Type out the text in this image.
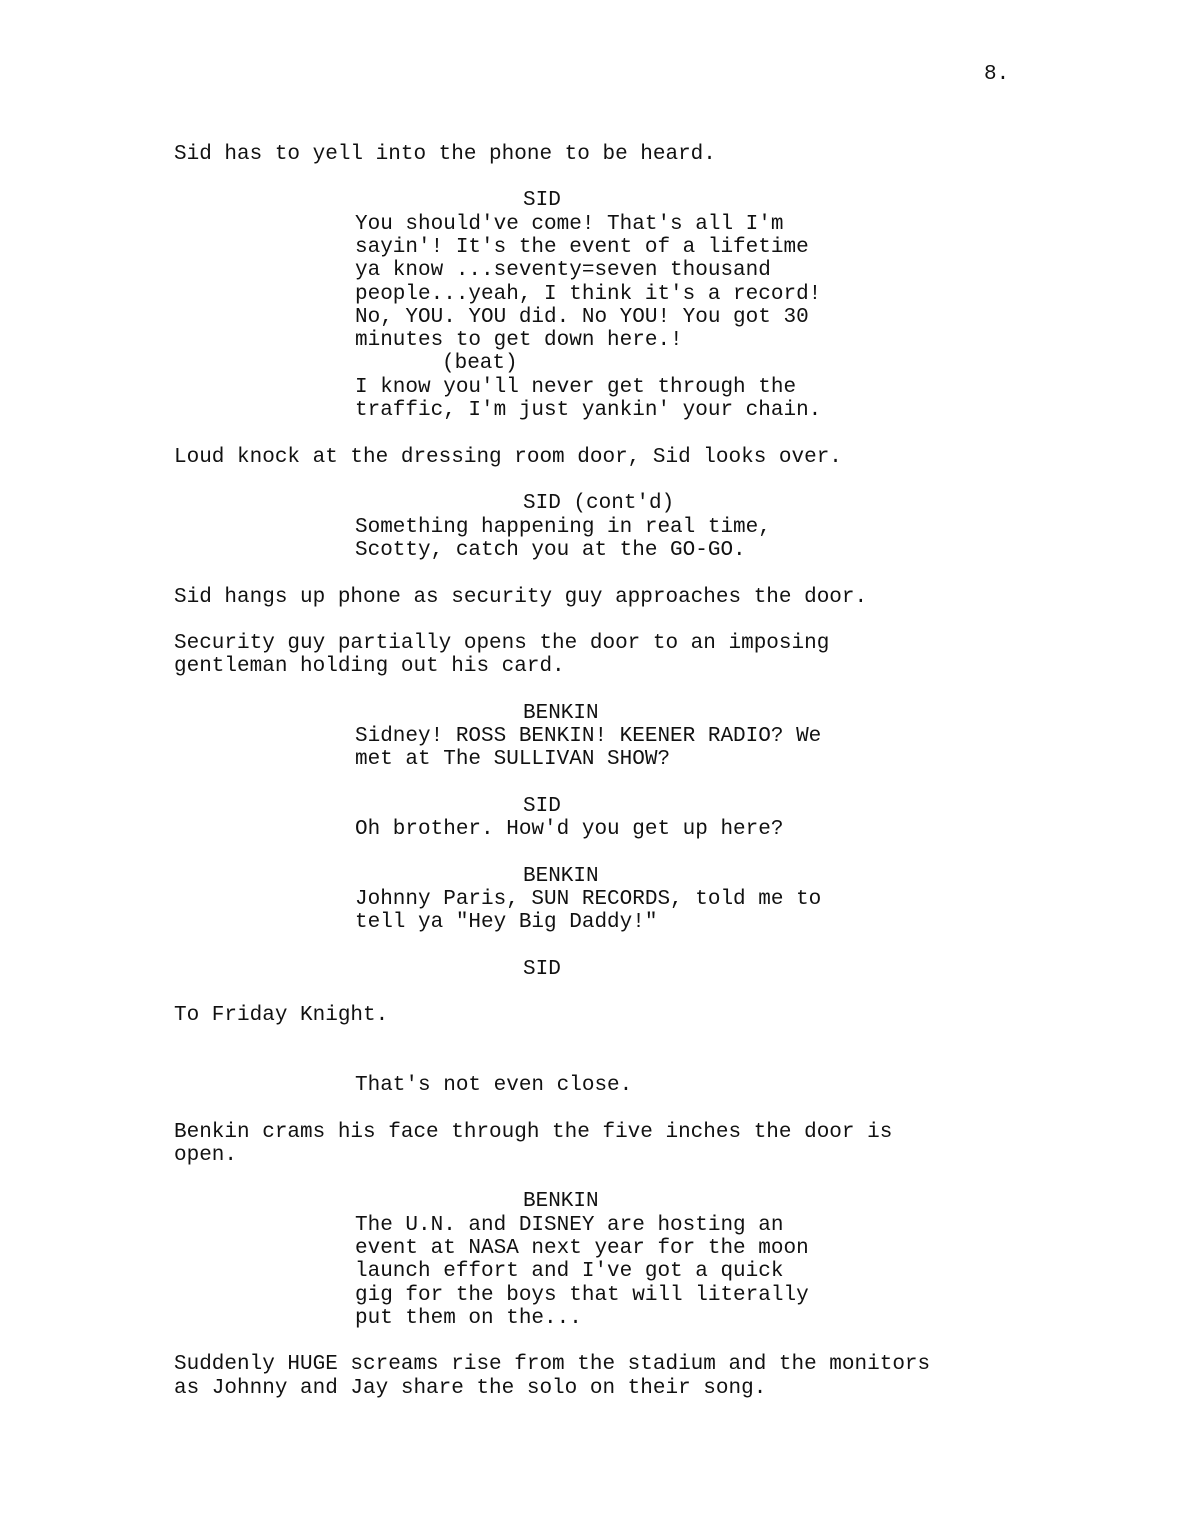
8.
Sid has to yell into the phone to be heard.
SID
You should've come! That's all I'm
sayin'! It's the event of a lifetime
ya know ...seventy=seven thousand
people...yeah, I think it's a record!
No, YOU. YOU did. No YOU! You got 30
minutes to get down here.!
(beat)
I know you'll never get through the
traffic, I'm just yankin' your chain.
Loud knock at the dressing room door, Sid looks over.
SID (cont'd)
Something happening in real time,
Scotty, catch you at the GO-GO.
Sid hangs up phone as security guy approaches the door.
Security guy partially opens the door to an imposing
gentleman holding out his card.
BENKIN
Sidney! ROSS BENKIN! KEENER RADIO? We
met at The SULLIVAN SHOW?
SID
Oh brother. How'd you get up here?
BENKIN
Johnny Paris, SUN RECORDS, told me to
tell ya "Hey Big Daddy!"
SID
To Friday Knight.
That's not even close.
Benkin crams his face through the five inches the door is
open.
BENKIN
The U.N. and DISNEY are hosting an
event at NASA next year for the moon
launch effort and I've got a quick
gig for the boys that will literally
put them on the...
Suddenly HUGE screams rise from the stadium and the monitors
as Johnny and Jay share the solo on their song.
